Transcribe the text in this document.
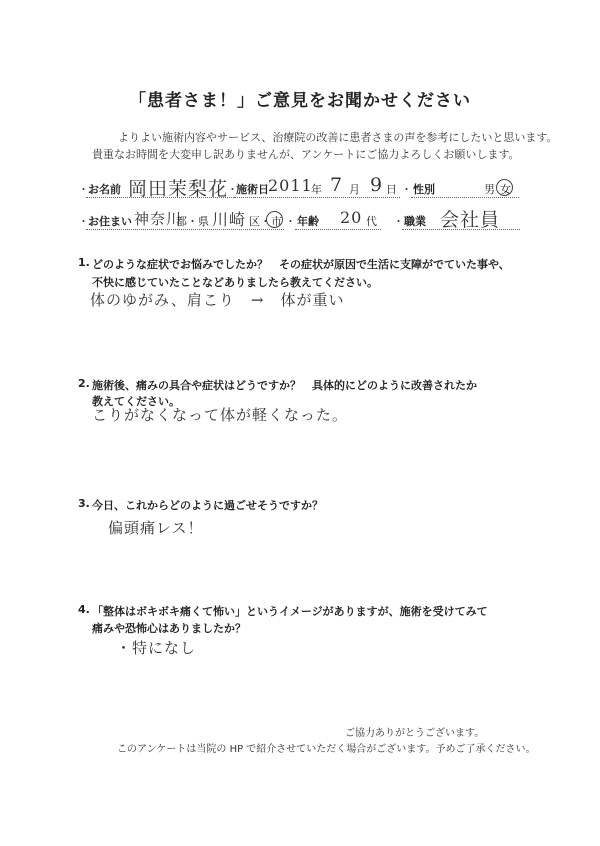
「患者さま！」ご意見をお聞かせください
よりよい施術内容やサービス、治療院の改善に患者さまの声を参考にしたいと思います。
貴重なお時間を大変申し訳ありませんが、アンケートにご協力よろしくお願いします。
・ お名前 岡田茉梨花
・
施術日 2011
年 7 月 9 日 ・ 性別	男 女
・ お住まい 神奈川
都・県 川崎 区・市 ・ 年齢 20 代 ・ 職業 会社員
1. どのような症状でお悩みでしたか？　その症状が原因で生活に支障がでていた事や、
不快に感じていたことなどありましたら教えてください。
体のゆがみ、肩こり　→　体が重い
2. 施術後、痛みの具合や症状はどうですか？　具体的にどのように改善されたか
教えてください。
こりがなくなって体が軽くなった。
3. 今日、これからどのように過ごせそうですか？
偏頭痛レス！
4. 「整体はボキボキ痛くて怖い」というイメージがありますが、施術を受けてみて
痛みや恐怖心はありましたか？
・特になし
ご協力ありがとうございます。
このアンケートは当院の HP で紹介させていただく場合がございます。予めご了承ください。
